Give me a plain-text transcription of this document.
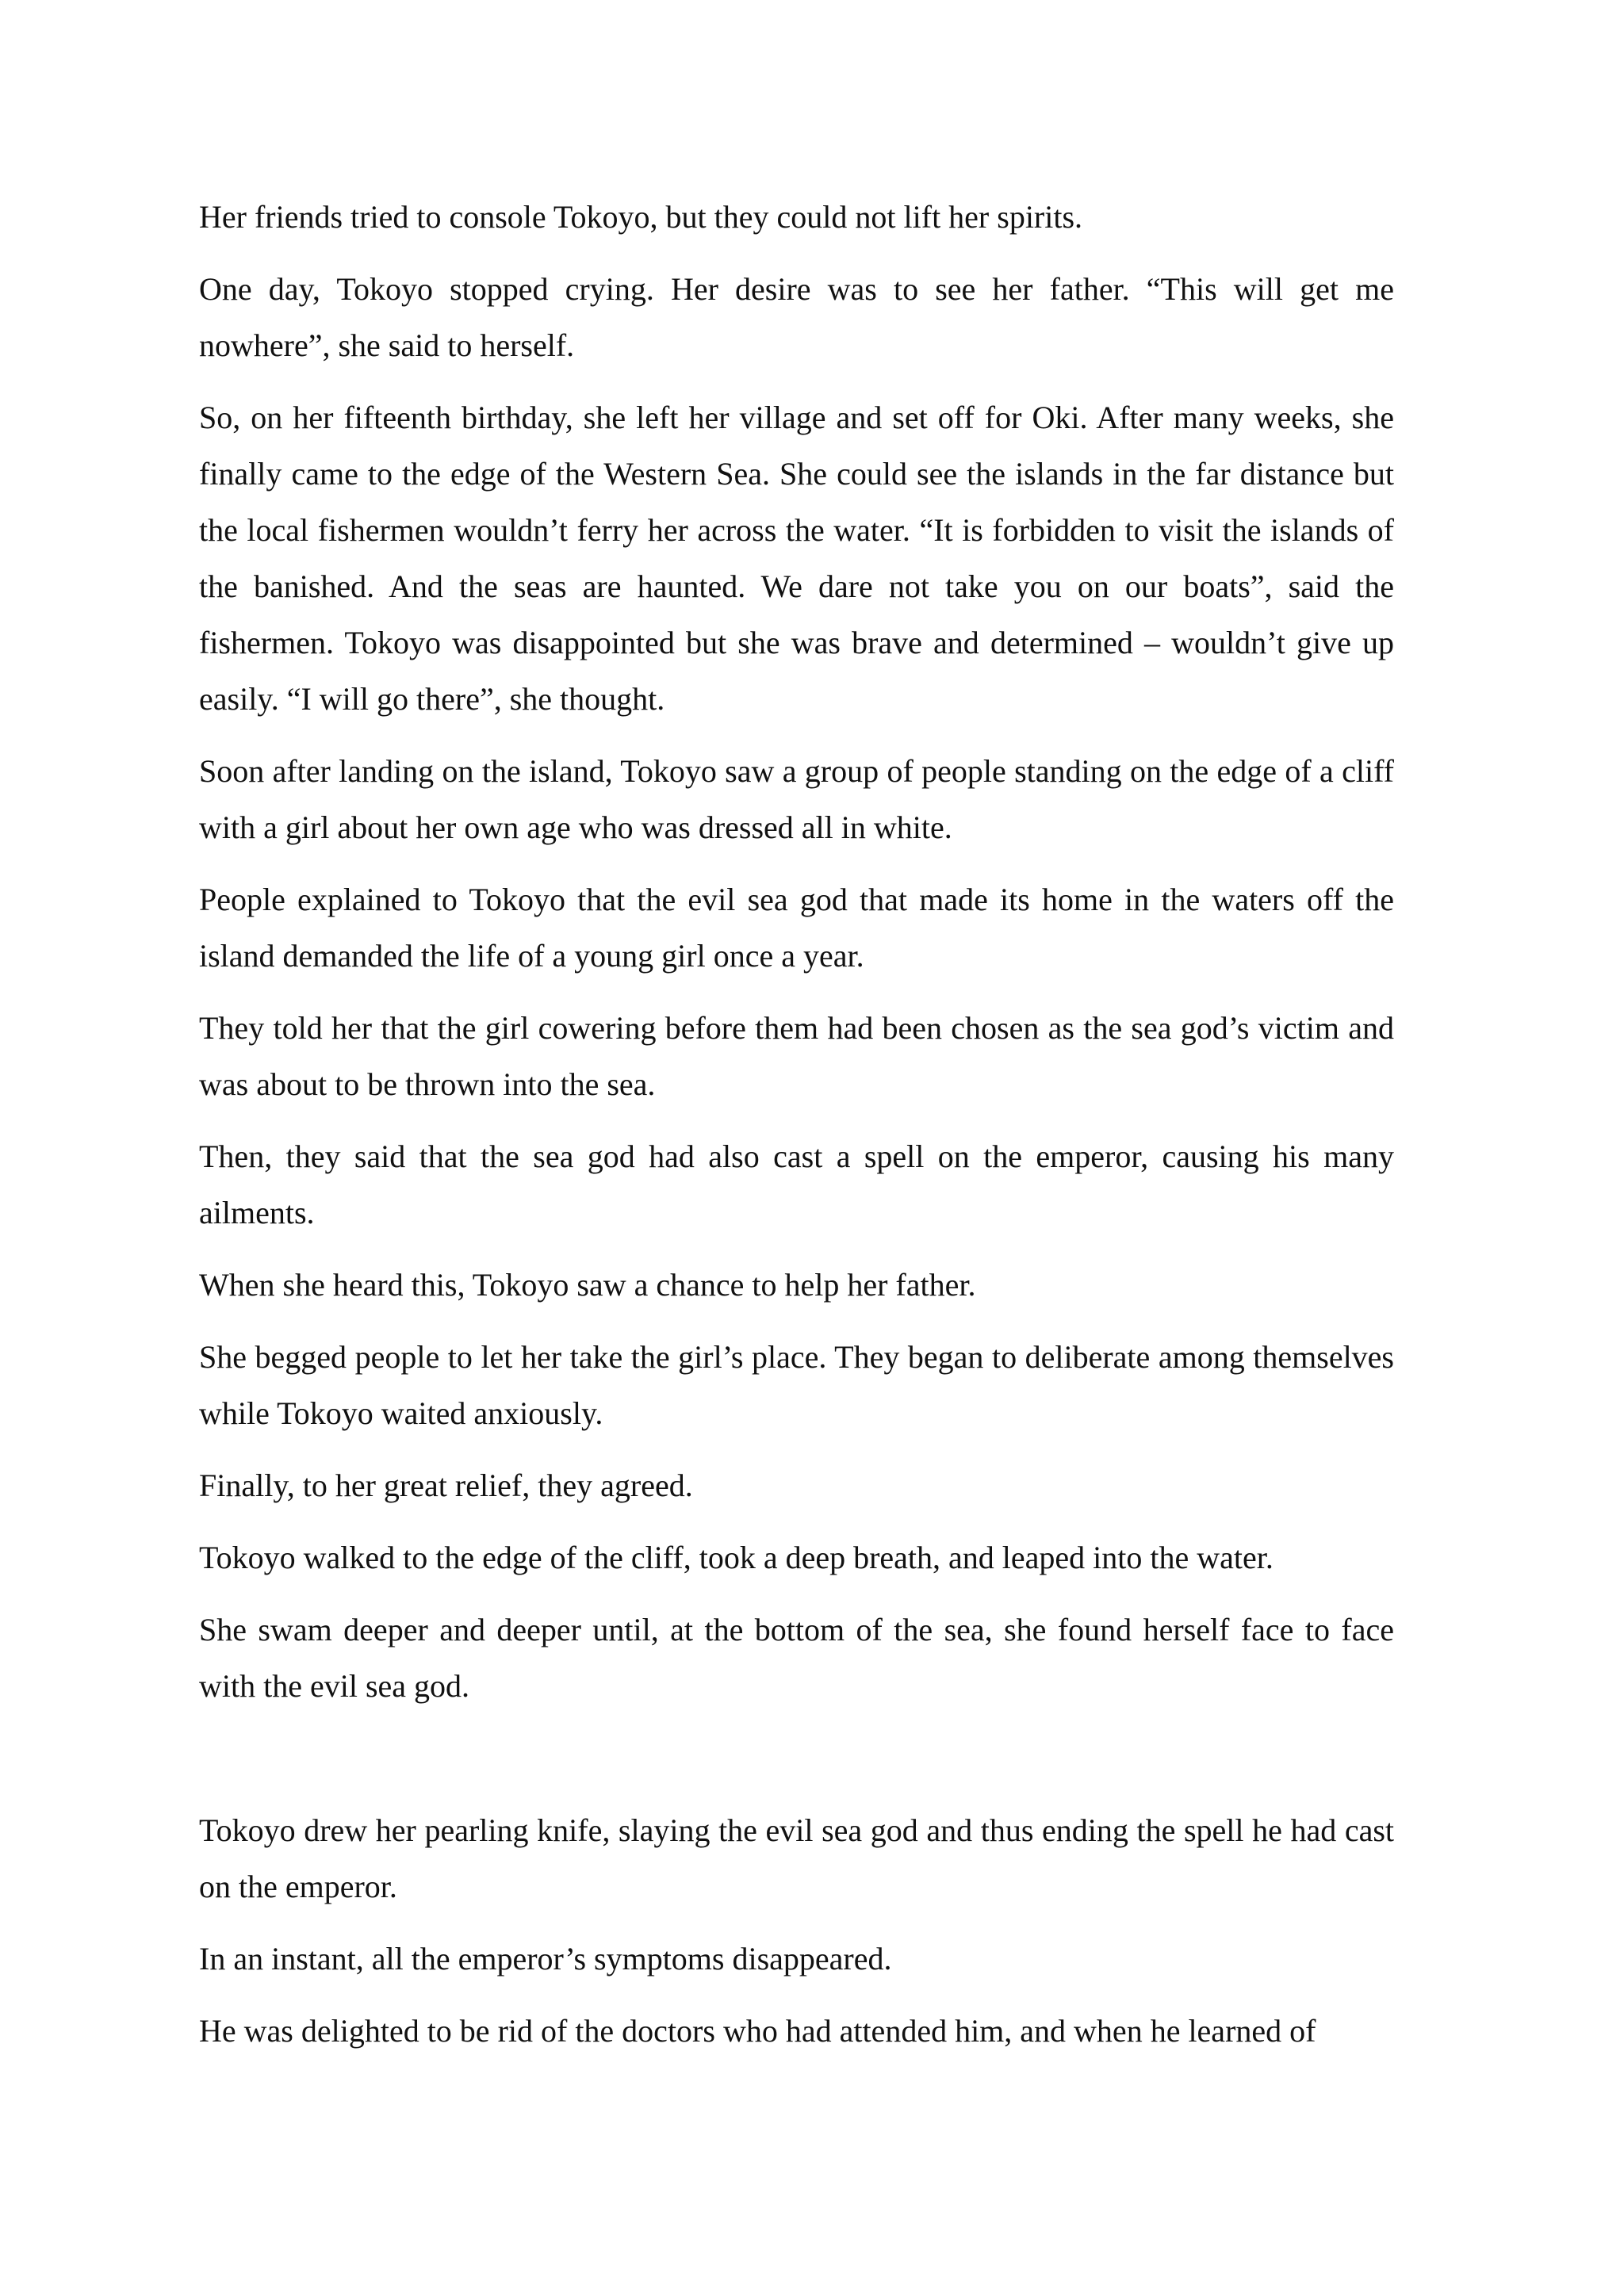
Her friends tried to console Tokoyo, but they could not lift her spirits.

One day, Tokoyo stopped crying. Her desire was to see her father. “This will get me nowhere”, she said to herself.

So, on her fifteenth birthday, she left her village and set off for Oki. After many weeks, she finally came to the edge of the Western Sea. She could see the islands in the far distance but the local fishermen wouldn’t ferry her across the water. “It is forbidden to visit the islands of the banished. And the seas are haunted. We dare not take you on our boats”, said the fishermen. Tokoyo was disappointed but she was brave and determined – wouldn’t give up easily. “I will go there”, she thought.

Soon after landing on the island, Tokoyo saw a group of people standing on the edge of a cliff with a girl about her own age who was dressed all in white.

People explained to Tokoyo that the evil sea god that made its home in the waters off the island demanded the life of a young girl once a year.

They told her that the girl cowering before them had been chosen as the sea god’s victim and was about to be thrown into the sea.

Then, they said that the sea god had also cast a spell on the emperor, causing his many ailments.

When she heard this, Tokoyo saw a chance to help her father.

She begged people to let her take the girl’s place. They began to deliberate among themselves while Tokoyo waited anxiously.

Finally, to her great relief, they agreed.

Tokoyo walked to the edge of the cliff, took a deep breath, and leaped into the water.

She swam deeper and deeper until, at the bottom of the sea, she found herself face to face with the evil sea god.

Tokoyo drew her pearling knife, slaying the evil sea god and thus ending the spell he had cast on the emperor.

In an instant, all the emperor’s symptoms disappeared.

He was delighted to be rid of the doctors who had attended him, and when he learned of
